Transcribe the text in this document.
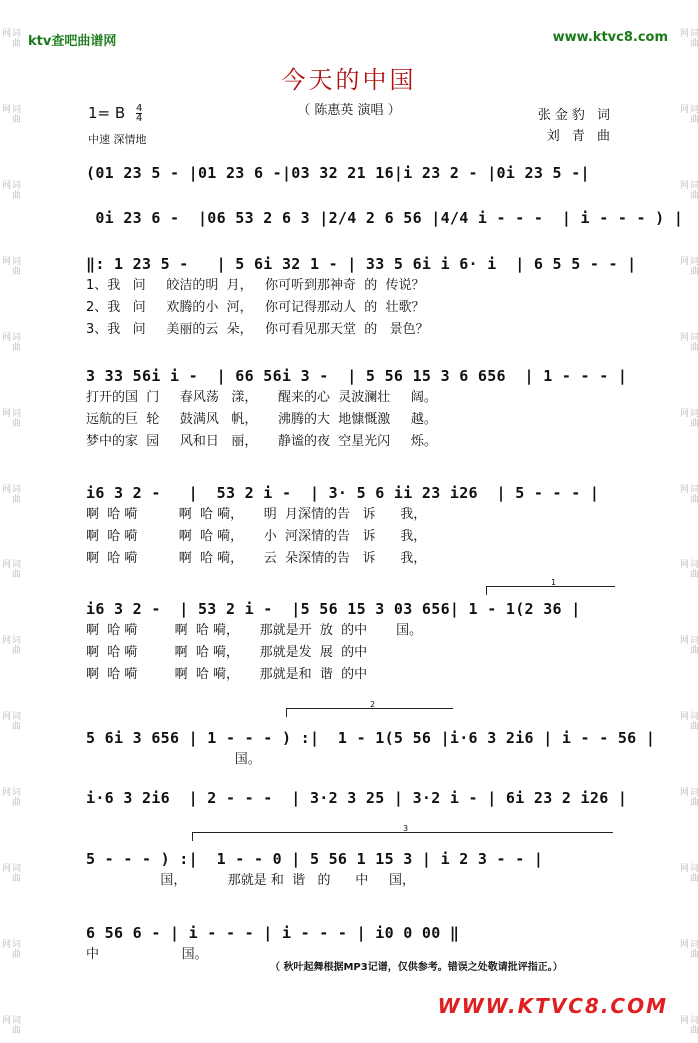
词曲网
词曲网
词曲网
词曲网
词曲网
词曲网
词曲网
词曲网
词曲网
词曲网
词曲网
词曲网
词曲网
词曲网
词曲网
词曲网
词曲网
词曲网
词曲网
词曲网
词曲网
词曲网
词曲网
词曲网
词曲网
词曲网
词曲网
词曲网
ktv查吧曲谱网	www.ktvc8.com
今天的中国
（ 陈惠英 演唱 ）
1= B $\frac{4}{4}$
中速 深情地
张金豹 词
刘 青 曲
(01 23 5 - |01 23 6 -|03 32 21 16|i 23 2 - |0i 23 5 -|
0i 23 6 -  |06 53 2 6 3 |2/4 2 6 56 |4/4 i - - -  | i - - - ) |
‖: 1 23 5 -   | 5 6i 32 1 - | 33 5 6i i 6· i  | 6 5 5 - - |
1、我   问     皎洁的明  月，   你可听到那神奇  的  传说？
2、我   问     欢腾的小  河，   你可记得那动人  的  壮歌？
3、我   问     美丽的云  朵，   你可看见那天堂  的   景色？
3 33 56i i -  | 66 56i 3 -  | 5 56 15 3 6 656  | 1 - - - |
打开的国  门     春风荡   漾，     醒来的心  灵波澜壮     阔。
远航的巨  轮     鼓满风   帆，     沸腾的大  地慷慨激     越。
梦中的家  园     风和日   丽，     静谧的夜  空星光闪     烁。
i6 3 2 -   |  53 2 i -  | 3· 5 6 ii 23 i26  | 5 - - - |
啊  哈 嗬          啊  哈 嗬，     明  月深情的告   诉      我，
啊  哈 嗬          啊  哈 嗬，     小  河深情的告   诉      我，
啊  哈 嗬          啊  哈 嗬，     云  朵深情的告   诉      我，
i6 3 2 -  | 53 2 i -  |5 56 15 3 03 656| 1 - 1(2 36 |
啊  哈 嗬         啊  哈 嗬，     那就是开  放  的中       国。
啊  哈 嗬         啊  哈 嗬，     那就是发  展  的中
啊  哈 嗬         啊  哈 嗬，     那就是和  谐  的中
5 6i 3 656 | 1 - - - ) :|  1 - 1(5 56 |i·6 3 2i6 | i - - 56 |
国。
i·6 3 2i6  | 2 - - -  | 3·2 3 25 | 3·2 i - | 6i 23 2 i26 |
5 - - - ) :|  1 - - 0 | 5 56 1 15 3 | i 2 3 - - |
国，          那就是 和  谐   的      中     国，
6 56 6 - | i - - - | i - - - | i0 0 00 ‖
中                    国。
1
2
3
（ 秋叶起舞根据MP3记谱，仅供参考。错误之处敬请批评指正。）
WWW.KTVC8.COM
